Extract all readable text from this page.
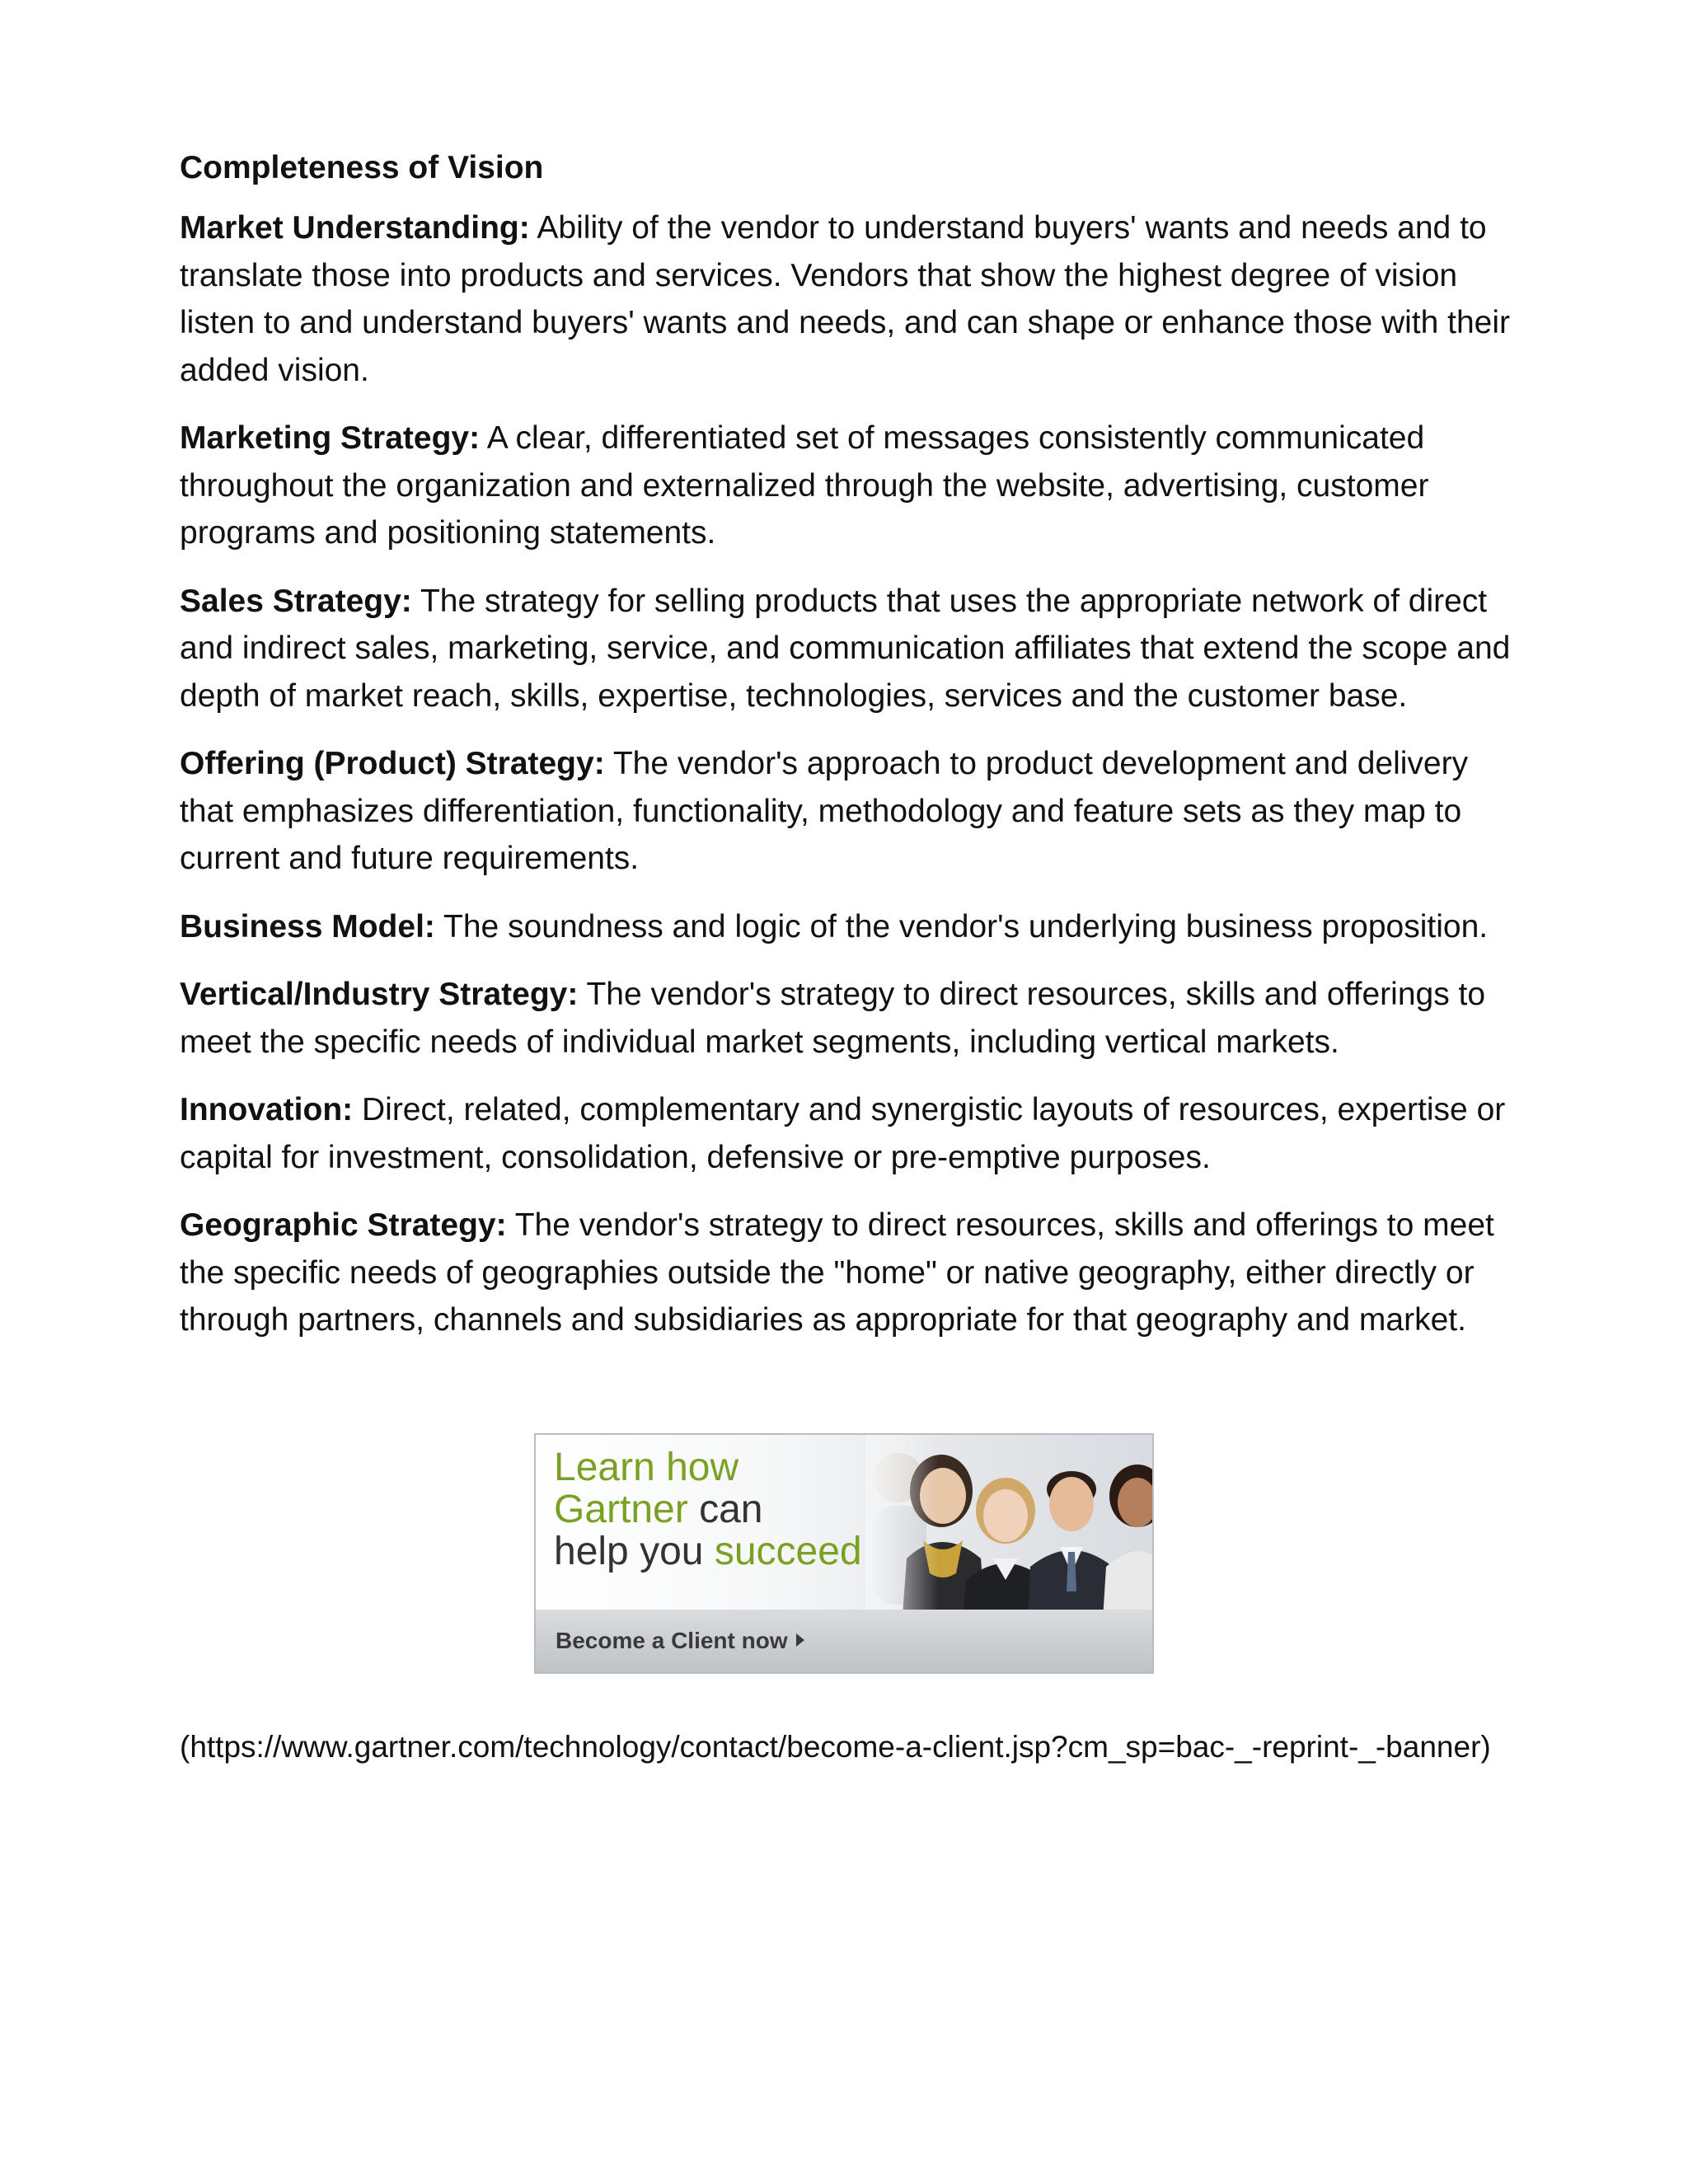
Completeness of Vision
Market Understanding: Ability of the vendor to understand buyers' wants and needs and to translate those into products and services. Vendors that show the highest degree of vision listen to and understand buyers' wants and needs, and can shape or enhance those with their added vision.
Marketing Strategy: A clear, differentiated set of messages consistently communicated throughout the organization and externalized through the website, advertising, customer programs and positioning statements.
Sales Strategy: The strategy for selling products that uses the appropriate network of direct and indirect sales, marketing, service, and communication affiliates that extend the scope and depth of market reach, skills, expertise, technologies, services and the customer base.
Offering (Product) Strategy: The vendor's approach to product development and delivery that emphasizes differentiation, functionality, methodology and feature sets as they map to current and future requirements.
Business Model: The soundness and logic of the vendor's underlying business proposition.
Vertical/Industry Strategy: The vendor's strategy to direct resources, skills and offerings to meet the specific needs of individual market segments, including vertical markets.
Innovation: Direct, related, complementary and synergistic layouts of resources, expertise or capital for investment, consolidation, defensive or pre-emptive purposes.
Geographic Strategy: The vendor's strategy to direct resources, skills and offerings to meet the specific needs of geographies outside the "home" or native geography, either directly or through partners, channels and subsidiaries as appropriate for that geography and market.
Learn how
Gartner can
help you succeed
Become a Client now
(https://www.gartner.com/technology/contact/become-a-client.jsp?cm_sp=bac-_-reprint-_-banner)
